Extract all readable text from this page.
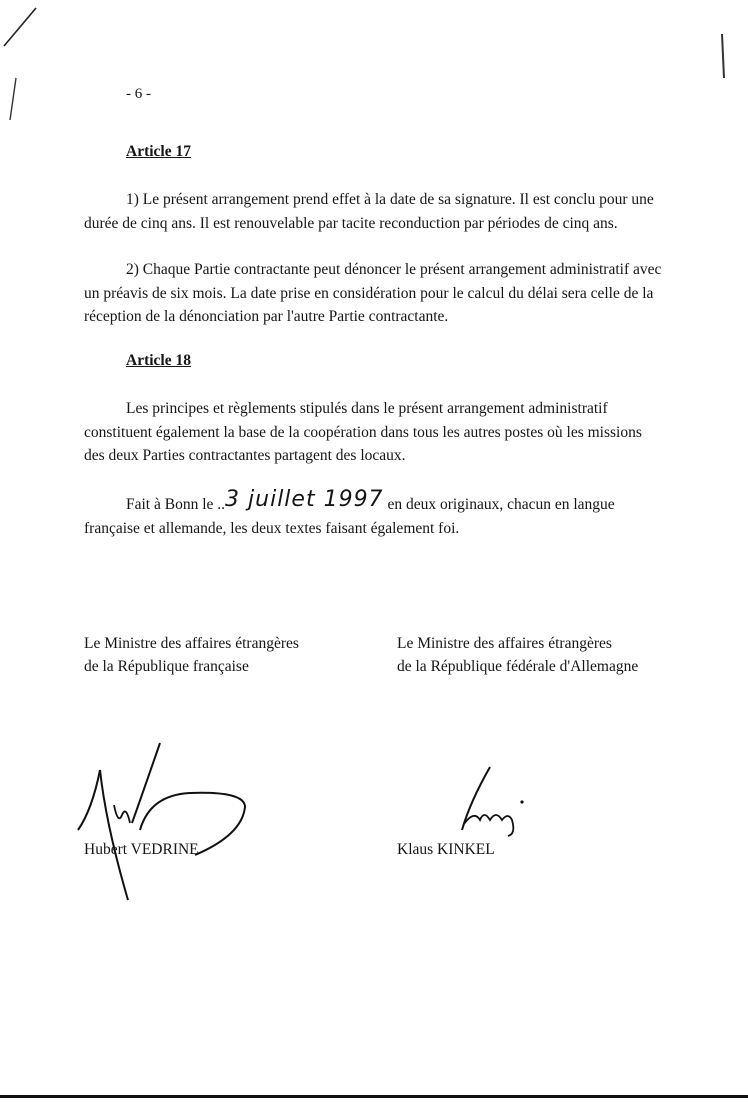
- 6 -
Article 17

1) Le présent arrangement prend effet à la date de sa signature. Il est conclu pour une durée de cinq ans. Il est renouvelable par tacite reconduction par périodes de cinq ans.

2) Chaque Partie contractante peut dénoncer le présent arrangement administratif avec un préavis de six mois. La date prise en considération pour le calcul du délai sera celle de la réception de la dénonciation par l'autre Partie contractante.

Article 18

Les principes et règlements stipulés dans le présent arrangement administratif constituent également la base de la coopération dans tous les autres postes où les missions des deux Parties contractantes partagent des locaux.

Fait à Bonn le ..3 juillet 1997 en deux originaux, chacun en langue française et allemande, les deux textes faisant également foi.

Le Ministre des affaires étrangères
de la République française
Le Ministre des affaires étrangères
de la République fédérale d'Allemagne
Hubert VEDRINE	Klaus KINKEL
